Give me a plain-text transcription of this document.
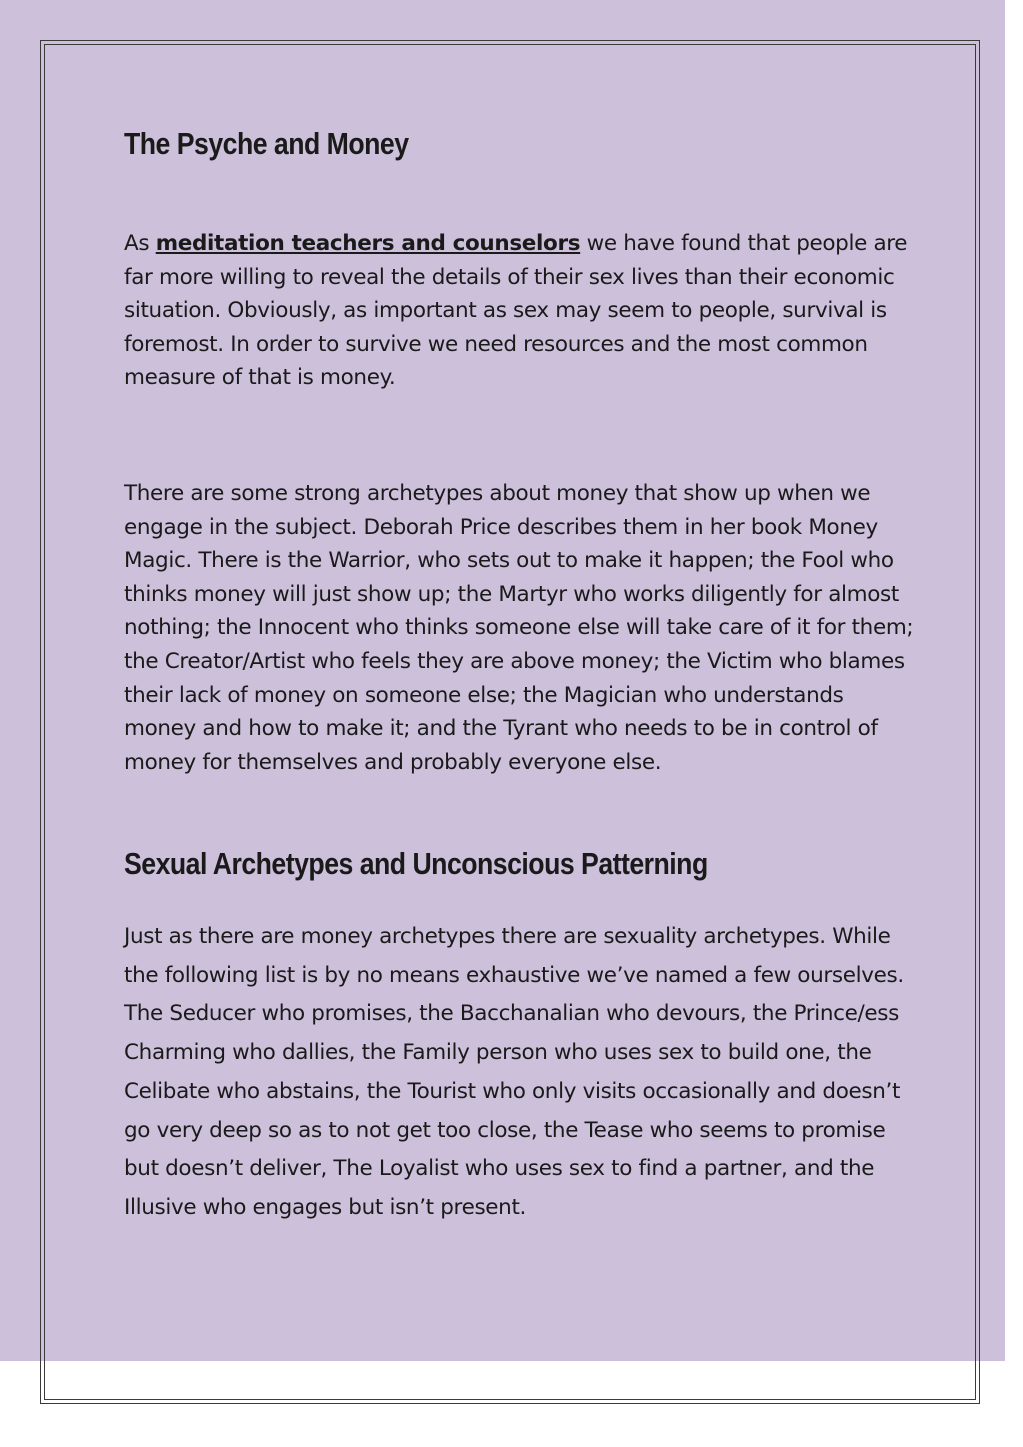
The Psyche and Money

As meditation teachers and counselors we have found that people are far more willing to reveal the details of their sex lives than their economic situation. Obviously, as important as sex may seem to people, survival is foremost. In order to survive we need resources and the most common measure of that is money.

There are some strong archetypes about money that show up when we engage in the subject. Deborah Price describes them in her book Money Magic. There is the Warrior, who sets out to make it happen; the Fool who thinks money will just show up; the Martyr who works diligently for almost nothing; the Innocent who thinks someone else will take care of it for them; the Creator/Artist who feels they are above money; the Victim who blames their lack of money on someone else; the Magician who understands money and how to make it; and the Tyrant who needs to be in control of money for themselves and probably everyone else.

Sexual Archetypes and Unconscious Patterning

Just as there are money archetypes there are sexuality archetypes. While the following list is by no means exhaustive we’ve named a few ourselves. The Seducer who promises, the Bacchanalian who devours, the Prince/ess Charming who dallies, the Family person who uses sex to build one, the Celibate who abstains, the Tourist who only visits occasionally and doesn’t go very deep so as to not get too close, the Tease who seems to promise but doesn’t deliver, The Loyalist who uses sex to find a partner, and the Illusive who engages but isn’t present.
